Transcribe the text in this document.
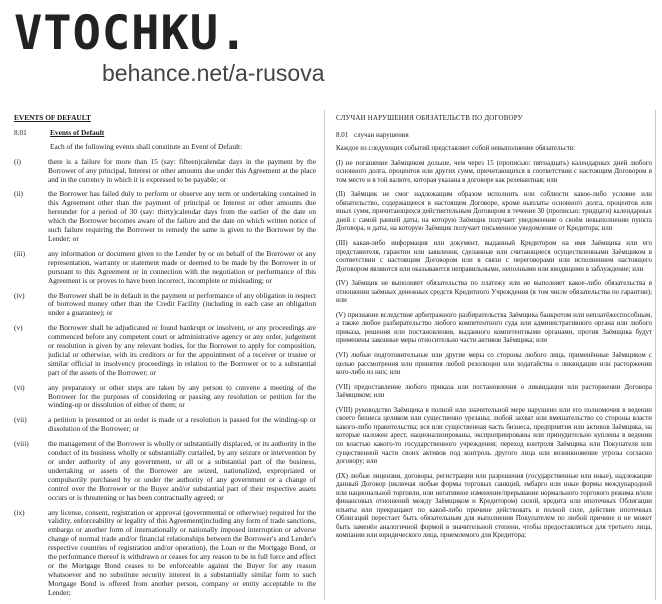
VTOCHKU.
behance.net/a-rusova
EVENTS OF DEFAULT
8.01	Events of Default
Each of the following events shall constitute an Event of Default:
(i)	there is a failure for more than 15 (say: fifteen)calendar days in the payment by the Borrower of any principal, Interest or other amounts due under this Agreement at the place and in the currency in which it is expressed to be payable; or
(ii)	the Borrower has failed duly to perform or observe any term or undertaking contained in this Agreement other than the payment of principal or Interest or other amounts due hereunder for a period of 30 (say: thirty)calendar days from the earlier of the date on which the Borrower becomes aware of the failure and the date on which written notice of such failure requiring the Borrower to remedy the same is given to the Borrower by the Lender; or
(iii)	any information or document given to the Lender by or on behalf of the Borrower or any representation, warranty or statement made or deemed to be made by the Borrower in or pursuant to this Agreement or in connection with the negotiation or performance of this Agreement is or proves to have been incorrect, incomplete or misleading; or
(iv)	the Borrower shall be in default in the payment or performance of any obligation in respect of borrowed money other than the Credit Facility (including in each case an obligation under a guarantee); or
(v)	the Borrower shall be adjudicated or found bankrupt or insolvent, or any proceedings are commenced before any competent court or administrative agency or any order, judgement or resolution is given by any relevant bodies, for the Borrower to apply for composition, judicial or otherwise, with its creditors or for the appointment of a receiver or trustee or similar official in insolvency proceedings in relation to the Borrower or to a substantial part of the assets of the Borrower; or
(vi)	any preparatory or other steps are taken by any person to convene a meeting of the Borrower for the purposes of considering or passing any resolution or petition for the winding-up or dissolution of either of them; or
(vii)	a petition is presented or an order is made or a resolution is passed for the winding-up or dissolution of the Borrower; or
(viii)	the management of the Borrower is wholly or substantially displaced, or its authority in the conduct of its business wholly or substantially curtailed, by any seizure or intervention by or under authority of any government, or all or a substantial part of the business, undertaking or assets of the Borrower are seized, nationalized, expropriated or compulsorily purchased by or under the authority of any government or a change of control over the Borrower or the Buyer and/or substantial part of their respective assets occurs or is threatening or has been contractually agreed; or
(ix)	any license, consent, registration or approval (governmental or otherwise) required for the validity, enforceability or legality of this Agreement(including any form of trade sanctions, embargo or another form of internationally or nationally imposed interruption or adverse change of normal trade and/or financial relationships between the Borrower's and Lender's respective countries of registration and/or operation), the Loan or the Mortgage Bond, or the performance thereof is withdrawn or ceases for any reason to be in full force and effect or the Mortgage Bond ceases to be enforceable against the Buyer for any reason whatsoever and no substitute security interest in a substantially similar form to such Mortgage Bond is offered from another person, company or entity acceptable to the Lender;
СЛУЧАИ НАРУШЕНИЯ ОБЯЗАТЕЛЬСТВ ПО ДОГОВОРУ
8.01 случаи нарушения
Каждое из следующих событий представляет собой невыполнение обязательств:
(I) не погашение Заёмщиком дольше, чем через 15 (прописью: пятнадцать) календарных дней любого основного долга, процентов или других сумм, причитающихся в соответствии с настоящим Договором в том месте и в той валюте, которая указана в договоре как релевантная; или
(II) Заёмщик не смог надлежащим образом исполнить или соблюсти какое-либо условие или обязательство, содержащееся в настоящем Договоре, кроме выплаты основного долга, процентов или иных сумм, причитающихся действительным Договором в течение 30 (прописью: тридцати) календарных дней с самой ранней даты, на которую Заёмщик получает уведомление о своём невыполнении пункта Договора, и даты, на которую Заёмщик получает письменное уведомление от Кредитора; или
(III) какая-либо информация или документ, выданный Кредитором на имя Заёмщика или его представителя, гарантии или заявления, сделанные или считающиеся осуществленными Заёмщиком в соответствии с настоящим Договором или в связи с переговорами или исполнением настоящего Договором являются или оказываются неправильными, неполными или вводящими в заблуждение; или
(IV) Заёмщик не выполняет обязательства по платежу или не выполняет какое-либо обязательства в отношении заёмных денежных средств Кредитного Учреждения (в том числе обязательства по гарантии); или
(V) признание вследствие арбитражного разбирательства Заёмщика банкротом или неплатёжеспособным, а также любое разбирательство любого компетентного суда или административного органа или любого приказа, решения или постановления, выданного компетентными органами, против Заёмщика будут применены законные меры относительно части активов Заёмщика; или
(VI) любые подготовительные или другие меры со стороны любого лица, применённые Заёмщиком с целью рассмотрения или принятия любой резолюции или ходатайства о ликвидации или расторжении кого-либо из них; или
(VII) предоставление любого приказа или постановления о ликвидации или расторжении Договора Заёмщиком; или
(VIII) руководство Заёмщика в полной или значительной мере нарушено или его полномочия в ведении своего бизнеса целиком или существенно урезаны; любой захват или вмешательство со стороны власти какого-либо правительства; вся или существенная часть бизнеса, предприятия или активов Заёмщика, на которые наложен арест, национализированы, экспроприированы или принудительно куплены в ведении по властью какого-то государственного учреждения; переход контроля Заёмщика или Покупателя или существенной части своих активов под контроль другого лица или возникновение угрозы согласно договору; или
(IX) любые лицензии, договоры, регистрации или разрешения (государственные или иные), надлежащие данный Договор (включая любые формы торговых санкций, эмбарго или иные формы международной или национальной торговли, или негативное изменение/прерывание нормального торгового режима и/или финансовых отношений между Заёмщиком и Кредитором) силой, кредита или ипотечных Облигации изъяты или прекращают по какой-либо причине действовать в полной силе, действие ипотечных Облигаций перестает быть обязательным для выполнения Покупателем по любой причине и не может быть заменён аналогичной формой в значительной степени, чтобы предоставляться для третьего лица, компании или юридического лица, приемлемого для Кредитора;
